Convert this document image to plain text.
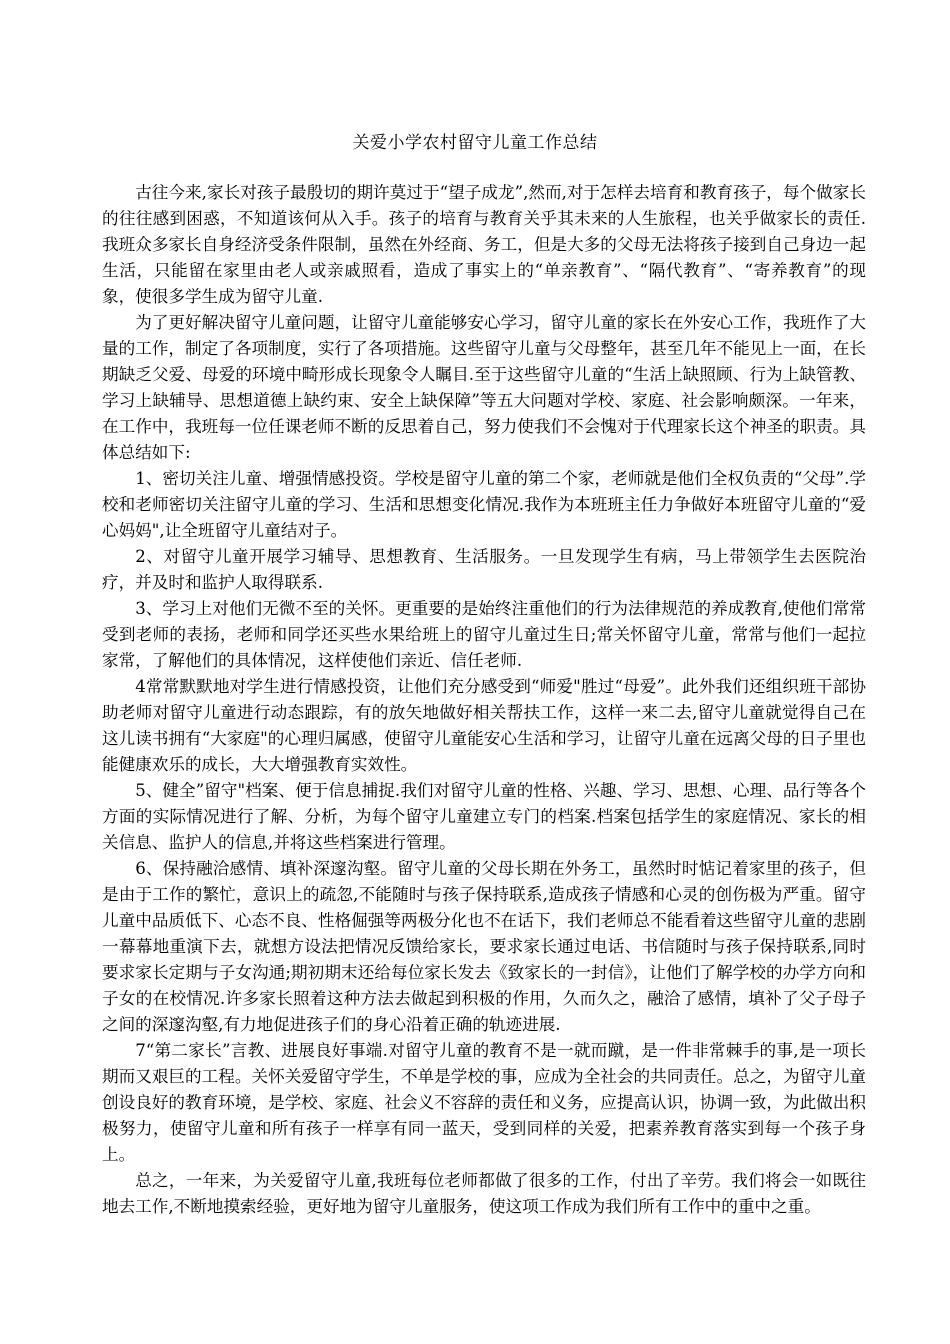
关爱小学农村留守儿童工作总结

古往今来,家长对孩子最殷切的期许莫过于“望子成龙”,然而,对于怎样去培育和教育孩子，每个做家长的往往感到困惑，不知道该何从入手。孩子的培育与教育关乎其未来的人生旅程，也关乎做家长的责任.我班众多家长自身经济受条件限制，虽然在外经商、务工，但是大多的父母无法将孩子接到自己身边一起生活，只能留在家里由老人或亲戚照看，造成了事实上的“单亲教育”、“隔代教育”、“寄养教育”的现象，使很多学生成为留守儿童.

为了更好解决留守儿童问题，让留守儿童能够安心学习，留守儿童的家长在外安心工作，我班作了大量的工作，制定了各项制度，实行了各项措施。这些留守儿童与父母整年，甚至几年不能见上一面，在长期缺乏父爱、母爱的环境中畸形成长现象令人瞩目.至于这些留守儿童的“生活上缺照顾、行为上缺管教、学习上缺辅导、思想道德上缺约束、安全上缺保障”等五大问题对学校、家庭、社会影响颇深。一年来，在工作中，我班每一位任课老师不断的反思着自己，努力使我们不会愧对于代理家长这个神圣的职责。具体总结如下:

1、密切关注儿童、增强情感投资。学校是留守儿童的第二个家，老师就是他们全权负责的“父母”.学校和老师密切关注留守儿童的学习、生活和思想变化情况.我作为本班班主任力争做好本班留守儿童的“爱心妈妈",让全班留守儿童结对子。

2、对留守儿童开展学习辅导、思想教育、生活服务。一旦发现学生有病，马上带领学生去医院治疗，并及时和监护人取得联系.

3、学习上对他们无微不至的关怀。更重要的是始终注重他们的行为法律规范的养成教育,使他们常常受到老师的表扬，老师和同学还买些水果给班上的留守儿童过生日;常关怀留守儿童，常常与他们一起拉家常，了解他们的具体情况，这样使他们亲近、信任老师.

4常常默默地对学生进行情感投资，让他们充分感受到“师爱"胜过“母爱”。此外我们还组织班干部协助老师对留守儿童进行动态跟踪，有的放矢地做好相关帮扶工作，这样一来二去,留守儿童就觉得自己在这儿读书拥有“大家庭"的心理归属感，使留守儿童能安心生活和学习，让留守儿童在远离父母的日子里也能健康欢乐的成长，大大增强教育实效性。

5、健全”留守"档案、便于信息捕捉.我们对留守儿童的性格、兴趣、学习、思想、心理、品行等各个方面的实际情况进行了解、分析，为每个留守儿童建立专门的档案.档案包括学生的家庭情况、家长的相关信息、监护人的信息,并将这些档案进行管理。

6、保持融洽感情、填补深邃沟壑。留守儿童的父母长期在外务工，虽然时时惦记着家里的孩子，但是由于工作的繁忙，意识上的疏忽,不能随时与孩子保持联系,造成孩子情感和心灵的创伤极为严重。留守儿童中品质低下、心态不良、性格倔强等两极分化也不在话下，我们老师总不能看着这些留守儿童的悲剧一幕幕地重演下去，就想方设法把情况反馈给家长，要求家长通过电话、书信随时与孩子保持联系,同时要求家长定期与子女沟通;期初期末还给每位家长发去《致家长的一封信》，让他们了解学校的办学方向和子女的在校情况.许多家长照着这种方法去做起到积极的作用，久而久之，融洽了感情，填补了父子母子之间的深邃沟壑,有力地促进孩子们的身心沿着正确的轨迹进展.

7“第二家长”言教、进展良好事端.对留守儿童的教育不是一就而蹴，是一件非常棘手的事,是一项长期而又艰巨的工程。关怀关爱留守学生，不单是学校的事，应成为全社会的共同责任。总之，为留守儿童创设良好的教育环境，是学校、家庭、社会义不容辞的责任和义务，应提高认识，协调一致，为此做出积极努力，使留守儿童和所有孩子一样享有同一蓝天，受到同样的关爱，把素养教育落实到每一个孩子身上。

总之，一年来，为关爱留守儿童,我班每位老师都做了很多的工作，付出了辛劳。我们将会一如既往地去工作,不断地摸索经验，更好地为留守儿童服务，使这项工作成为我们所有工作中的重中之重。
